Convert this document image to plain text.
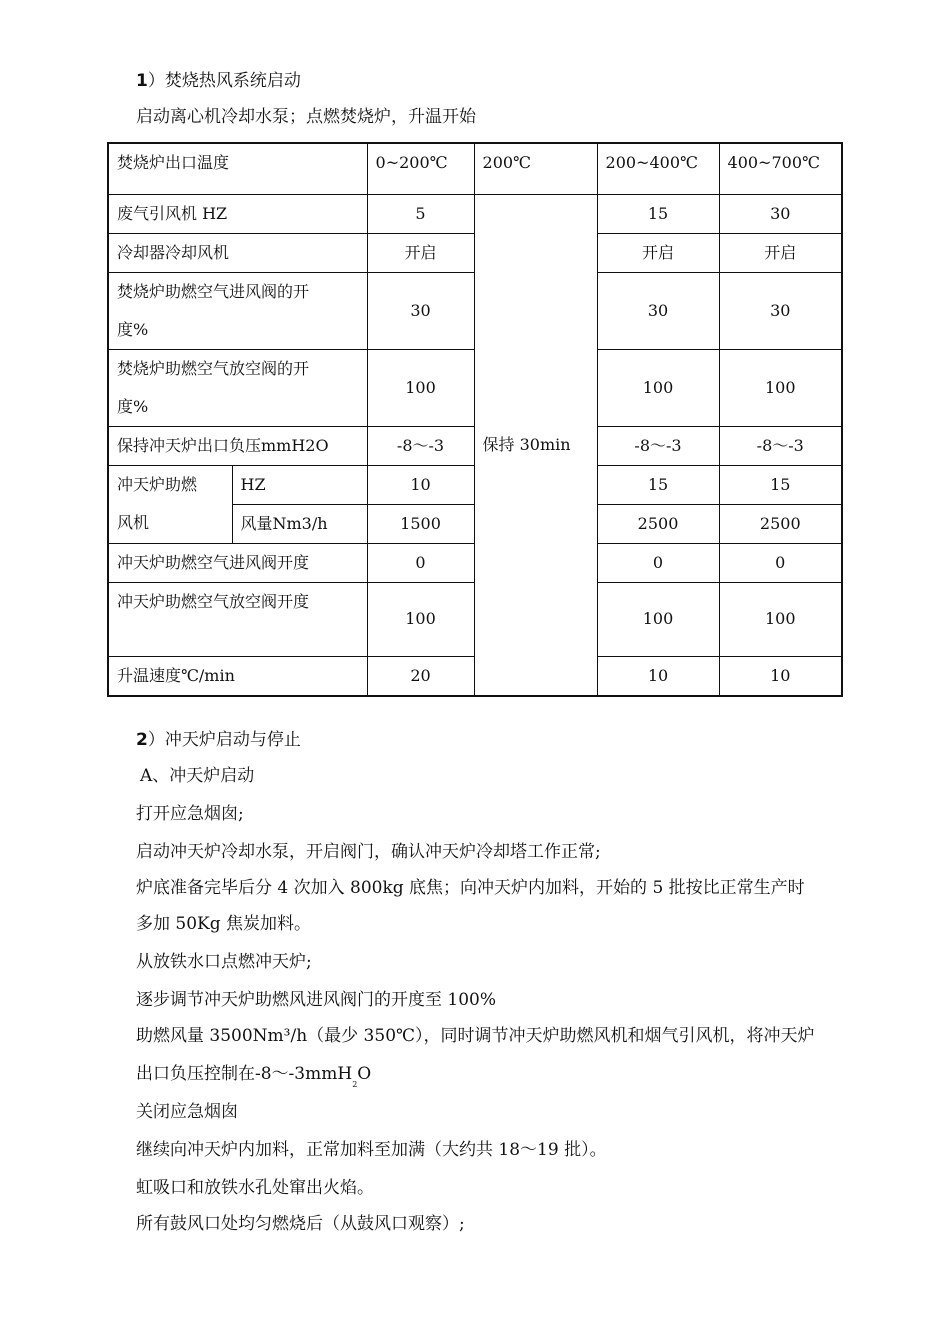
1）焚烧热风系统启动
启动离心机冷却水泵；点燃焚烧炉，升温开始
焚烧炉出口温度		0~200℃	200℃	200~400℃	400~700℃
废气引风机 HZ		5	保持 30min	15	30
冷却器冷却风机		开启		开启	开启
焚烧炉助燃空气进风阀的开
度%		30		30	30
焚烧炉助燃空气放空阀的开
度%		100		100	100
保持冲天炉出口负压mmH2O		-8～-3		-8～-3	-8～-3
冲天炉助燃
风机	HZ	10		15	15
	风量Nm3/h	1500		2500	2500
冲天炉助燃空气进风阀开度		0		0	0
冲天炉助燃空气放空阀开度		100		100	100
升温速度℃/min		20		10	10
2）冲天炉启动与停止
A、冲天炉启动
打开应急烟囱;
启动冲天炉冷却水泵，开启阀门，确认冲天炉冷却塔工作正常;
炉底准备完毕后分 4 次加入 800kg 底焦；向冲天炉内加料，开始的 5 批按比正常生产时
多加 50Kg 焦炭加料。
从放铁水口点燃冲天炉;
逐步调节冲天炉助燃风进风阀门的开度至 100%
助燃风量 3500Nm³/h（最少 350℃），同时调节冲天炉助燃风机和烟气引风机，将冲天炉
出口负压控制在-8～-3mmH$_2$O
关闭应急烟囱
继续向冲天炉内加料，正常加料至加满（大约共 18～19 批）。
虹吸口和放铁水孔处窜出火焰。
所有鼓风口处均匀燃烧后（从鼓风口观察）;
